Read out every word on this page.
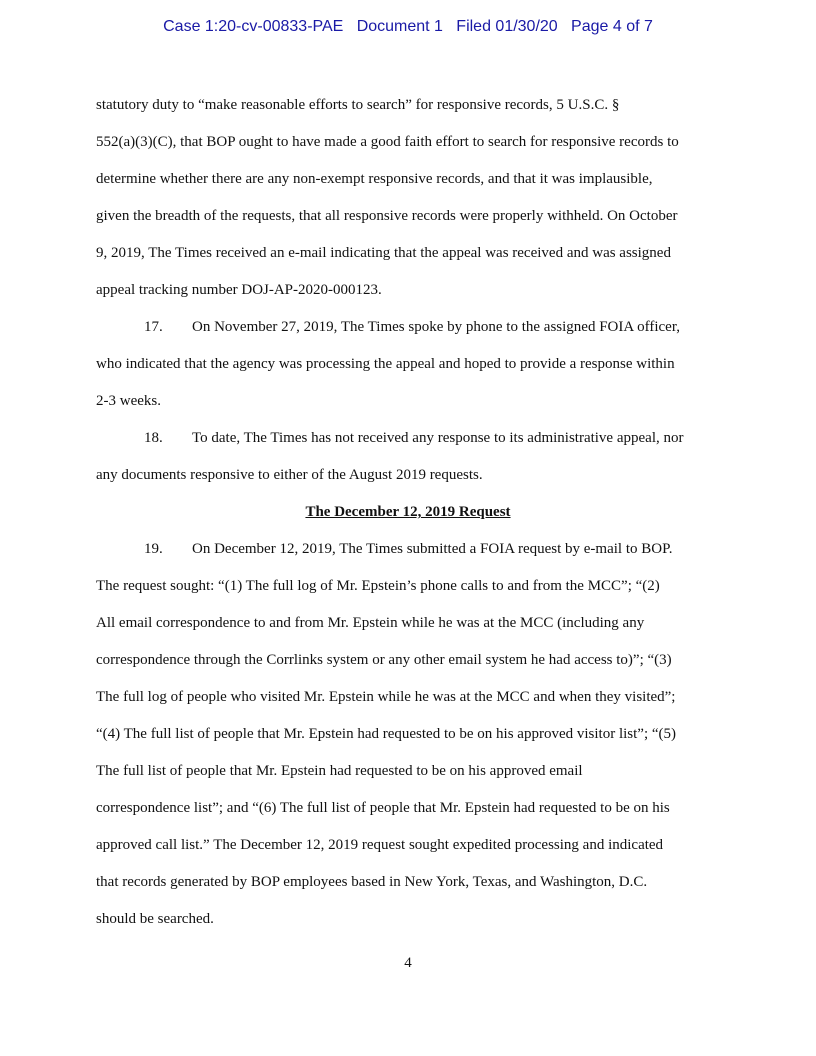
Case 1:20-cv-00833-PAE   Document 1   Filed 01/30/20   Page 4 of 7
statutory duty to “make reasonable efforts to search” for responsive records, 5 U.S.C. §
552(a)(3)(C), that BOP ought to have made a good faith effort to search for responsive records to
determine whether there are any non-exempt responsive records, and that it was implausible,
given the breadth of the requests, that all responsive records were properly withheld. On October
9, 2019, The Times received an e-mail indicating that the appeal was received and was assigned
appeal tracking number DOJ-AP-2020-000123.
17. On November 27, 2019, The Times spoke by phone to the assigned FOIA officer,
who indicated that the agency was processing the appeal and hoped to provide a response within
2-3 weeks.
18. To date, The Times has not received any response to its administrative appeal, nor
any documents responsive to either of the August 2019 requests.
The December 12, 2019 Request
19. On December 12, 2019, The Times submitted a FOIA request by e-mail to BOP.
The request sought: “(1) The full log of Mr. Epstein’s phone calls to and from the MCC”; “(2)
All email correspondence to and from Mr. Epstein while he was at the MCC (including any
correspondence through the Corrlinks system or any other email system he had access to)”; “(3)
The full log of people who visited Mr. Epstein while he was at the MCC and when they visited”;
“(4) The full list of people that Mr. Epstein had requested to be on his approved visitor list”; “(5)
The full list of people that Mr. Epstein had requested to be on his approved email
correspondence list”; and “(6) The full list of people that Mr. Epstein had requested to be on his
approved call list.” The December 12, 2019 request sought expedited processing and indicated
that records generated by BOP employees based in New York, Texas, and Washington, D.C.
should be searched.
4
